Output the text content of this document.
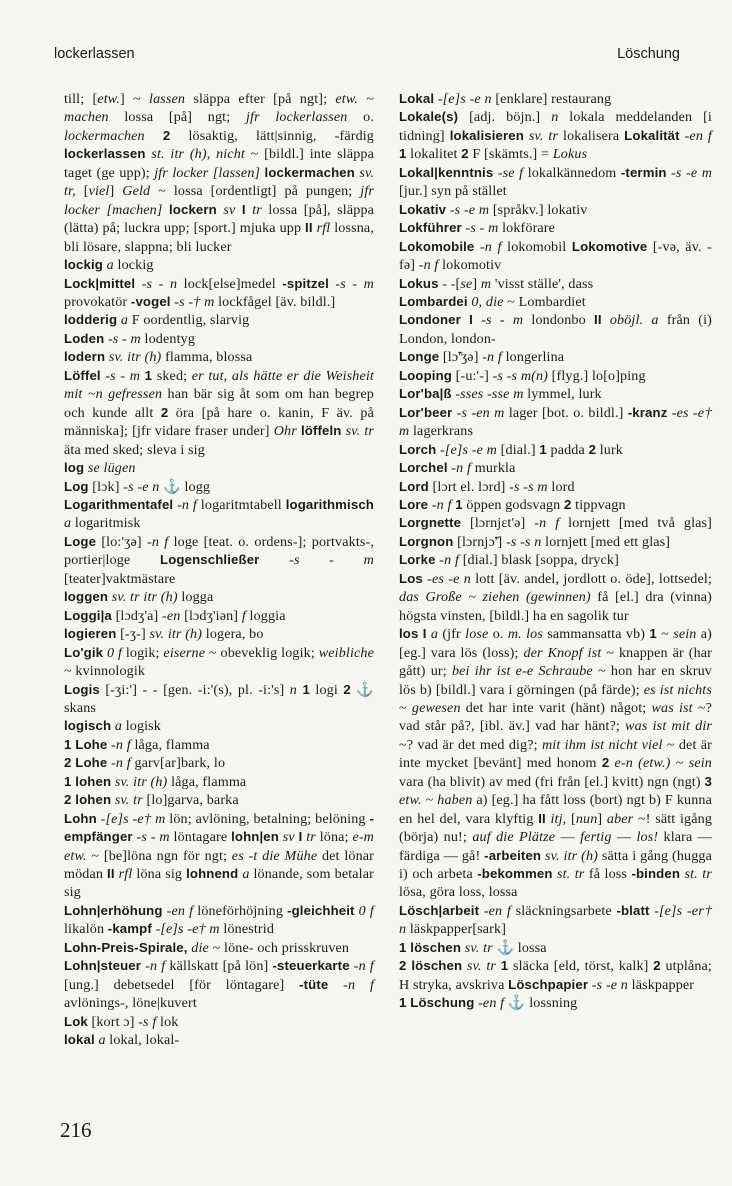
lockerlassen	Löschung
till; [etw.] ~ lassen släppa efter [på ngt]; etw. ~ machen lossa [på] ngt; jfr lockerlassen o. lockermachen 2 lösaktig, lätt|sinnig, -färdig lockerlassen st. itr (h), nicht ~ [bildl.] inte släppa taget (ge upp); jfr locker [lassen] lockermachen sv. tr, [viel] Geld ~ lossa [ordentligt] på pungen; jfr locker [machen] lockern sv I tr lossa [på], släppa (lätta) på; luckra upp; [sport.] mjuka upp II rfl lossna, bli lösare, slappna; bli lucker
lockig a lockig
Lock|mittel -s - n lock[else]medel -spitzel -s - m provokatör -vogel -s -† m lockfågel [äv. bildl.]
lodderig a F oordentlig, slarvig
Loden -s - m lodentyg
lodern sv. itr (h) flamma, blossa
Löffel -s - m 1 sked; er tut, als hätte er die Weisheit mit ~n gefressen han bär sig åt som om han begrep och kunde allt 2 öra [på hare o. kanin, F äv. på människa]; [jfr vidare fraser under] Ohr löffeln sv. tr äta med sked; sleva i sig
log se lügen
Log [lɔk] -s -e n ⚓ logg
Logarithmentafel -n f logaritmtabell logarithmisch a logaritmisk
Loge [lo:'ʒə] -n f loge [teat. o. ordens-]; portvakts-, portier|loge Logenschließer -s - m [teater]vaktmästare
loggen sv. tr itr (h) logga
Loggi|a [lɔdʒ'a] -en [lɔdʒ'iən] f loggia
logieren [-ʒ-] sv. itr (h) logera, bo
Lo'gik 0 f logik; eiserne ~ obeveklig logik; weibliche ~ kvinnologik
Logis [-ʒi:'] - - [gen. -i:'(s), pl. -i:'s] n 1 logi 2 ⚓ skans
logisch a logisk
1 Lohe -n f låga, flamma
2 Lohe -n f garv[ar]bark, lo
1 lohen sv. itr (h) låga, flamma
2 lohen sv. tr [lo]garva, barka
Lohn -[e]s -e† m lön; avlöning, betalning; belöning -empfänger -s - m löntagare lohn|en sv I tr löna; e-m etw. ~ [be]löna ngn för ngt; es -t die Mühe det lönar mödan II rfl löna sig lohnend a lönande, som betalar sig
Lohn|erhöhung -en f löneförhöjning -gleichheit 0 f likalön -kampf -[e]s -e† m lönestrid
Lohn-Preis-Spirale, die ~ löne- och prisskruven
Lohn|steuer -n f källskatt [på lön] -steuerkarte -n f [ung.] debetsedel [för löntagare] -tüte -n f avlönings-, löne|kuvert
Lok [kort ɔ] -s f lok
lokal a lokal, lokal-
Lokal -[e]s -e n [enklare] restaurang
Lokale(s) [adj. böjn.] n lokala meddelanden [i tidning] lokalisieren sv. tr lokalisera Lokalität -en f 1 lokalitet 2 F [skämts.] = Lokus
Lokal|kenntnis -se f lokalkännedom -termin -s -e m [jur.] syn på stället
Lokativ -s -e m [språkv.] lokativ
Lokführer -s - m lokförare
Lokomobile -n f lokomobil Lokomotive [-və, äv. -fə] -n f lokomotiv
Lokus - -[se] m 'visst ställe', dass
Lombardei 0, die ~ Lombardiet
Londoner I -s - m londonbo II oböjl. a från (i) London, london-
Longe [lɔ̃'ʒə] -n f longerlina
Looping [-u:'-] -s -s m(n) [flyg.] lo[o]ping
Lor'ba|ß -sses -sse m lymmel, lurk
Lor'beer -s -en m lager [bot. o. bildl.] -kranz -es -e† m lagerkrans
Lorch -[e]s -e m [dial.] 1 padda 2 lurk
Lorchel -n f murkla
Lord [lɔrt el. lɔrd] -s -s m lord
Lore -n f 1 öppen godsvagn 2 tippvagn
Lorgnette [lɔrnjɛt'ə] -n f lornjett [med två glas] Lorgnon [lɔrnjɔ̃'] -s -s n lornjett [med ett glas]
Lorke -n f [dial.] blask [soppa, dryck]
Los -es -e n lott [äv. andel, jordlott o. öde], lottsedel; das Große ~ ziehen (gewinnen) få [el.] dra (vinna) högsta vinsten, [bildl.] ha en sagolik tur
los I a (jfr lose o. m. los sammansatta vb) 1 ~ sein a) [eg.] vara lös (loss); der Knopf ist ~ knappen är (har gått) ur; bei ihr ist e-e Schraube ~ hon har en skruv lös b) [bildl.] vara i görningen (på färde); es ist nichts ~ gewesen det har inte varit (hänt) något; was ist ~? vad står på?, [ibl. äv.] vad har hänt?; was ist mit dir ~? vad är det med dig?; mit ihm ist nicht viel ~ det är inte mycket [bevänt] med honom 2 e-n (etw.) ~ sein vara (ha blivit) av med (fri från [el.] kvitt) ngn (ngt) 3 etw. ~ haben a) [eg.] ha fått loss (bort) ngt b) F kunna en hel del, vara klyftig II itj, [nun] aber ~! sätt igång (börja) nu!; auf die Plätze — fertig — los! klara — färdiga — gå! -arbeiten sv. itr (h) sätta i gång (hugga i) och arbeta -bekommen st. tr få loss -binden st. tr lösa, göra loss, lossa
Lösch|arbeit -en f släckningsarbete -blatt -[e]s -er† n läskpapper[sark]
1 löschen sv. tr ⚓ lossa
2 löschen sv. tr 1 släcka [eld, törst, kalk] 2 utplåna; H stryka, avskriva Löschpapier -s -e n läskpapper
1 Löschung -en f ⚓ lossning
216
